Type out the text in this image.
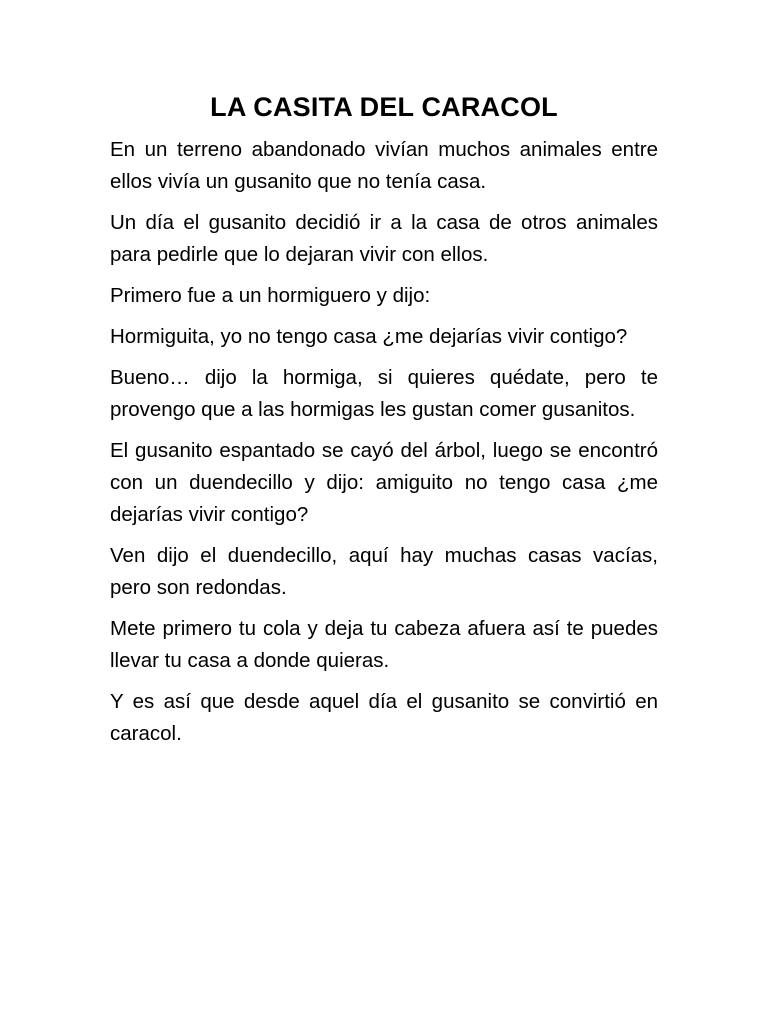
LA CASITA DEL CARACOL

En un terreno abandonado vivían muchos animales entre ellos vivía un gusanito que no tenía casa.

Un día el gusanito decidió ir a la casa de otros animales para pedirle que lo dejaran vivir con ellos.

Primero fue a un hormiguero y dijo:

Hormiguita, yo no tengo casa ¿me dejarías vivir contigo?

Bueno… dijo la hormiga, si quieres quédate, pero te provengo que a las hormigas les gustan comer gusanitos.

El gusanito espantado se cayó del árbol, luego se encontró con un duendecillo y dijo: amiguito no tengo casa ¿me dejarías vivir contigo?

Ven dijo el duendecillo, aquí hay muchas casas vacías, pero son redondas.

Mete primero tu cola y deja tu cabeza afuera así te puedes llevar tu casa a donde quieras.

Y es así que desde aquel día el gusanito se convirtió en caracol.
